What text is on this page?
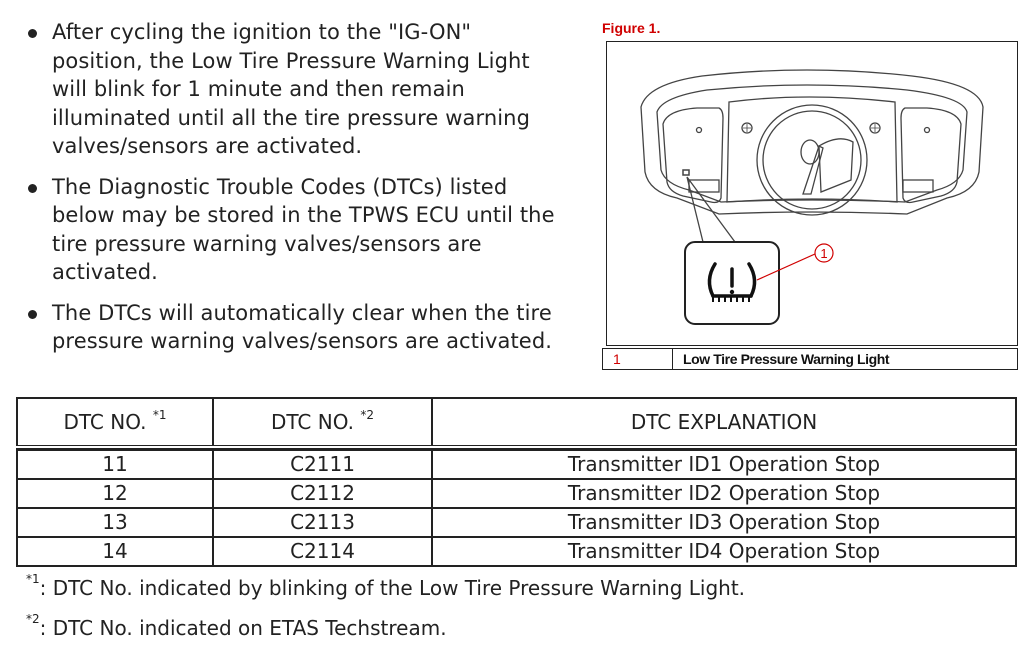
After cycling the ignition to the "IG-ON" position, the Low Tire Pressure Warning Light will blink for 1 minute and then remain illuminated until all the tire pressure warning valves/sensors are activated.
The Diagnostic Trouble Codes (DTCs) listed below may be stored in the TPWS ECU until the tire pressure warning valves/sensors are activated.
The DTCs will automatically clear when the tire pressure warning valves/sensors are activated.
Figure 1.
1
1	Low Tire Pressure Warning Light
DTC NO. $^{*1}$	DTC NO. $^{*2}$	DTC EXPLANATION

11	C2111	Transmitter ID1 Operation Stop
12	C2112	Transmitter ID2 Operation Stop
13	C2113	Transmitter ID3 Operation Stop
14	C2114	Transmitter ID4 Operation Stop
$^{*1}$: DTC No. indicated by blinking of the Low Tire Pressure Warning Light.
$^{*2}$: DTC No. indicated on ETAS Techstream.
